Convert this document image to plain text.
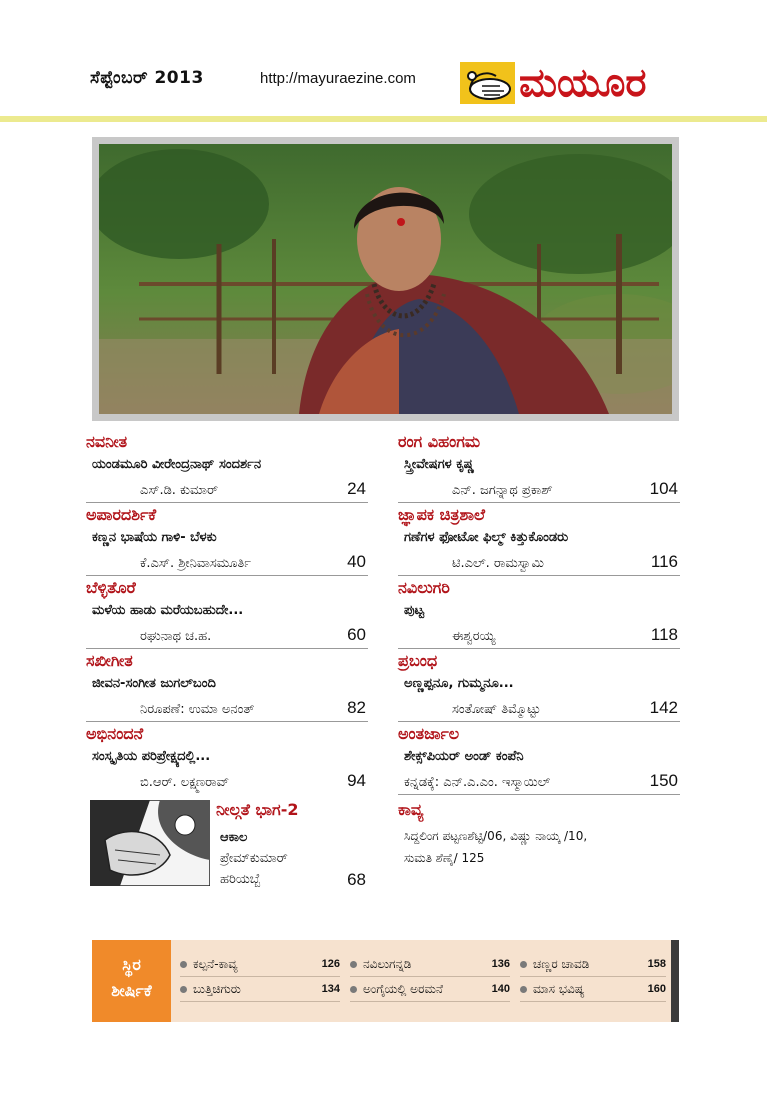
ಸೆಪ್ಟೆಂಬರ್ 2013	http://mayuraezine.com	ಮಯೂರ
ನವನೀತ
ಯಂಡಮೂರಿ ವೀರೇಂದ್ರನಾಥ್ ಸಂದರ್ಶನ
ಎಸ್.ಡಿ. ಕುಮಾರ್	24
ಅಪಾರದರ್ಶಿಕೆ
ಕಣ್ಣನ ಭಾಷೆಯ ಗಾಳಿ- ಬೆಳಕು
ಕೆ.ಎಸ್. ಶ್ರೀನಿವಾಸಮೂರ್ತಿ	40
ಬೆಳ್ಳಿತೊರೆ
ಮಳೆಯ ಹಾಡು ಮರೆಯಬಹುದೇ...
ರಘುನಾಥ ಚ.ಹ.	60
ಸಖೀಗೀತ
ಜೀವನ-ಸಂಗೀತ ಜುಗಲ್‌ಬಂದಿ
ನಿರೂಪಣೆ: ಉಮಾ ಅನಂತ್	82
ಅಭಿನಂದನೆ
ಸಂಸ್ಕೃತಿಯ ಪರಿಪ್ರೇಕ್ಷ್ಯದಲ್ಲಿ...
ಬಿ.ಆರ್. ಲಕ್ಷ್ಮಣರಾವ್	94
ನೀಲ್ಗತೆ ಭಾಗ-2
ಆಕಾಲ
ಪ್ರೇಮ್‌ಕುಮಾರ್
ಹರಿಯಬ್ಬೆ	68
ರಂಗ ವಿಹಂಗಮ
ಸ್ತ್ರೀವೇಷಗಳ ಕೃಷ್ಣ
ಎನ್. ಜಗನ್ನಾಥ ಪ್ರಕಾಶ್	104
ಜ್ಞಾಪಕ ಚಿತ್ರಶಾಲೆ
ಗಣೆಗಳ ಫೋಟೋ ಫಿಲ್ಮ್ ಕಿತ್ತುಕೊಂಡರು
ಟಿ.ಎಲ್. ರಾಮಸ್ವಾಮಿ	116
ನವಿಲುಗರಿ
ಪುಟ್ಟ
ಈಶ್ವರಯ್ಯ	118
ಪ್ರಬಂಧ
ಅಣ್ಣಪ್ಪನೂ, ಗುಮ್ಮನೂ...
ಸಂತೋಷ್ ತಿಮ್ಮೊಟ್ಟು	142
ಅಂತರ್ಜಾಲ
ಶೇಕ್ಸ್‌ಪಿಯರ್ ಅಂಡ್ ಕಂಪೆನಿ
ಕನ್ನಡಕ್ಕೆ: ಎನ್.ಎ.ಎಂ. ಇಸ್ಮಾಯಿಲ್	150
ಕಾವ್ಯ
ಸಿದ್ದಲಿಂಗ ಪಟ್ಟಣಶೆಟ್ಟಿ/06, ವಿಷ್ಣು ನಾಯ್ಕ /10,
ಸುಮತಿ ಶೆಣೈ/ 125
ಸ್ಥಿರ
ಶೀರ್ಷಿಕೆ
ಕಲ್ಪನೆ-ಕಾವ್ಯ	126
ಬುತ್ತಿಚಿಗುರು	134
ನವಿಲುಗನ್ನಡಿ	136
ಅಂಗೈಯಲ್ಲಿ ಅರಮನೆ	140
ಚಣ್ಣರ ಚಾವಡಿ	158
ಮಾಸ ಭವಿಷ್ಯ	160
